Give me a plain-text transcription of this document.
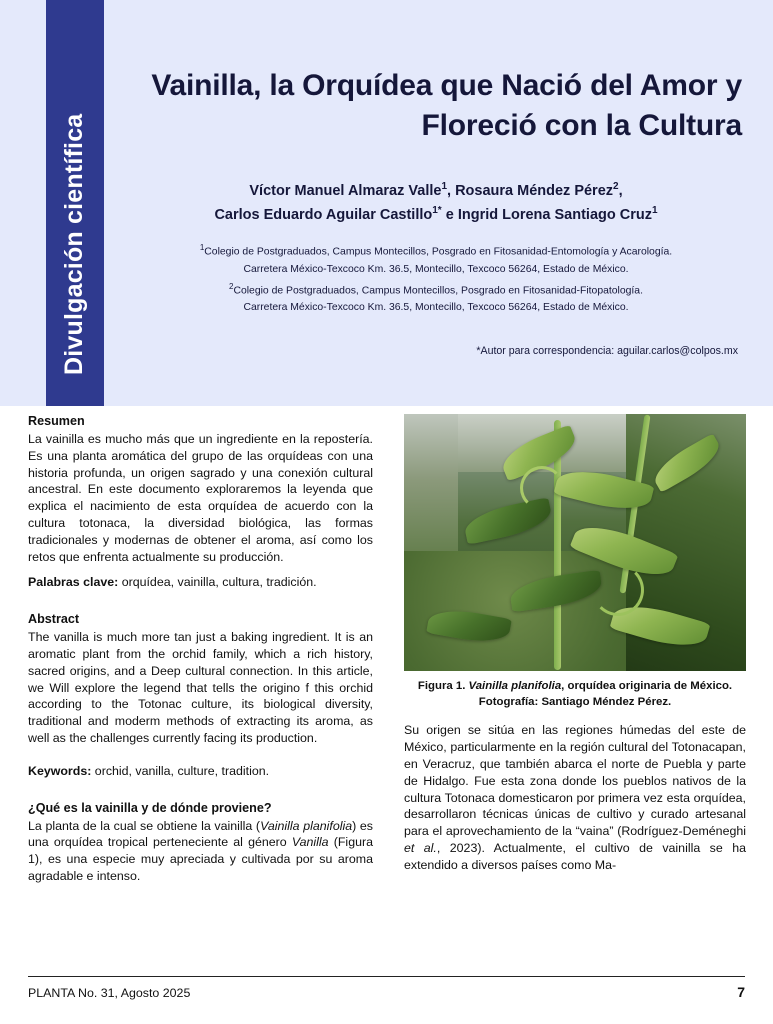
Divulgación científica
Vainilla, la Orquídea que Nació del Amor y Floreció con la Cultura

Víctor Manuel Almaraz Valle$^1$, Rosaura Méndez Pérez$^2$,
Carlos Eduardo Aguilar Castillo$^{1*}$ e Ingrid Lorena Santiago Cruz$^1$

$^1$Colegio de Postgraduados, Campus Montecillos, Posgrado en Fitosanidad-Entomología y Acarología.
Carretera México-Texcoco Km. 36.5, Montecillo, Texcoco 56264, Estado de México.
$^2$Colegio de Postgraduados, Campus Montecillos, Posgrado en Fitosanidad-Fitopatología.
Carretera México-Texcoco Km. 36.5, Montecillo, Texcoco 56264, Estado de México.

*Autor para correspondencia: aguilar.carlos@colpos.mx

Resumen

La vainilla es mucho más que un ingrediente en la repostería. Es una planta aromática del grupo de las orquídeas con una historia profunda, un origen sagrado y una conexión cultural ancestral. En este documento exploraremos la leyenda que explica el nacimiento de esta orquídea de acuerdo con la cultura totonaca, la diversidad biológica, las formas tradicionales y modernas de obtener el aroma, así como los retos que enfrenta actualmente su producción.

Palabras clave: orquídea, vainilla, cultura, tradición.

Abstract

The vanilla is much more tan just a baking ingredient. It is an aromatic plant from the orchid family, which a rich history, sacred origins, and a Deep cultural connection. In this article, we Will explore the legend that tells the origino f this orchid according to the Totonac culture, its biological diversity, traditional and moderm methods of extracting its aroma, as well as the challenges currently facing its production.

Keywords: orchid, vanilla, culture, tradition.

¿Qué es la vainilla y de dónde proviene?

La planta de la cual se obtiene la vainilla (Vainilla planifolia) es una orquídea tropical perteneciente al género Vanilla (Figura 1), es una especie muy apreciada y cultivada por su aroma agradable e intenso.

Figura 1. Vainilla planifolia, orquídea originaria de México. Fotografía: Santiago Méndez Pérez.

Su origen se sitúa en las regiones húmedas del este de México, particularmente en la región cultural del Totonacapan, en Veracruz, que también abarca el norte de Puebla y parte de Hidalgo. Fue esta zona donde los pueblos nativos de la cultura Totonaca domesticaron por primera vez esta orquídea, desarrollaron técnicas únicas de cultivo y curado artesanal para el aprovechamiento de la “vaina” (Rodríguez-Deméneghi et al., 2023). Actualmente, el cultivo de vainilla se ha extendido a diversos países como Ma-

PLANTA No. 31, Agosto 2025	7
